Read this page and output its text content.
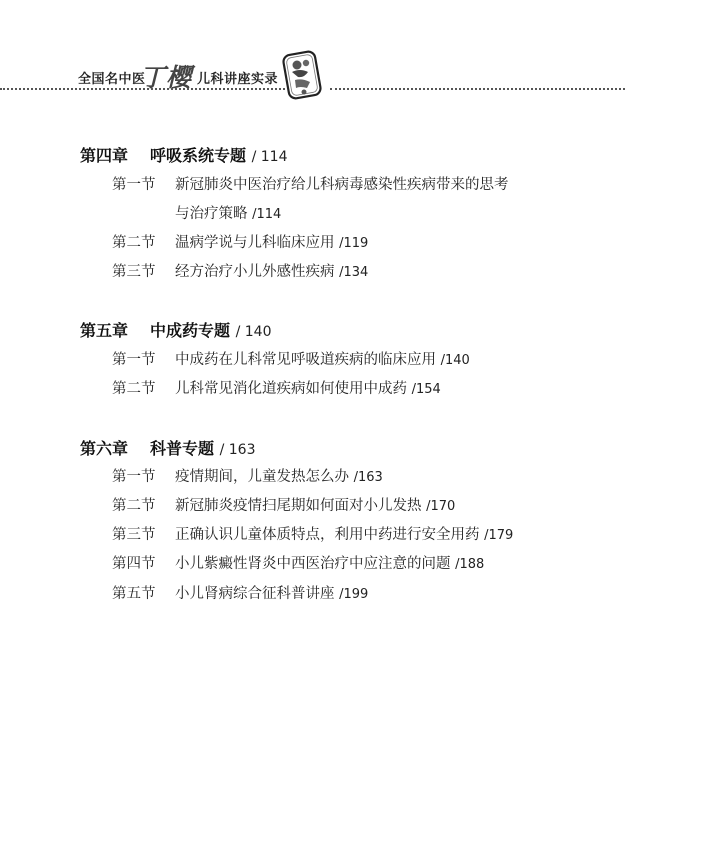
全国名中医
丁樱 儿科讲座实录
第四章 呼吸系统专题 / 114
第一节 新冠肺炎中医治疗给儿科病毒感染性疾病带来的思考
与治疗策略 /114
第二节 温病学说与儿科临床应用 /119
第三节 经方治疗小儿外感性疾病 /134
第五章 中成药专题 / 140
第一节 中成药在儿科常见呼吸道疾病的临床应用 /140
第二节 儿科常见消化道疾病如何使用中成药 /154
第六章 科普专题 / 163
第一节 疫情期间，儿童发热怎么办 /163
第二节 新冠肺炎疫情扫尾期如何面对小儿发热 /170
第三节 正确认识儿童体质特点，利用中药进行安全用药 /179
第四节 小儿紫癜性肾炎中西医治疗中应注意的问题 /188
第五节 小儿肾病综合征科普讲座 /199
